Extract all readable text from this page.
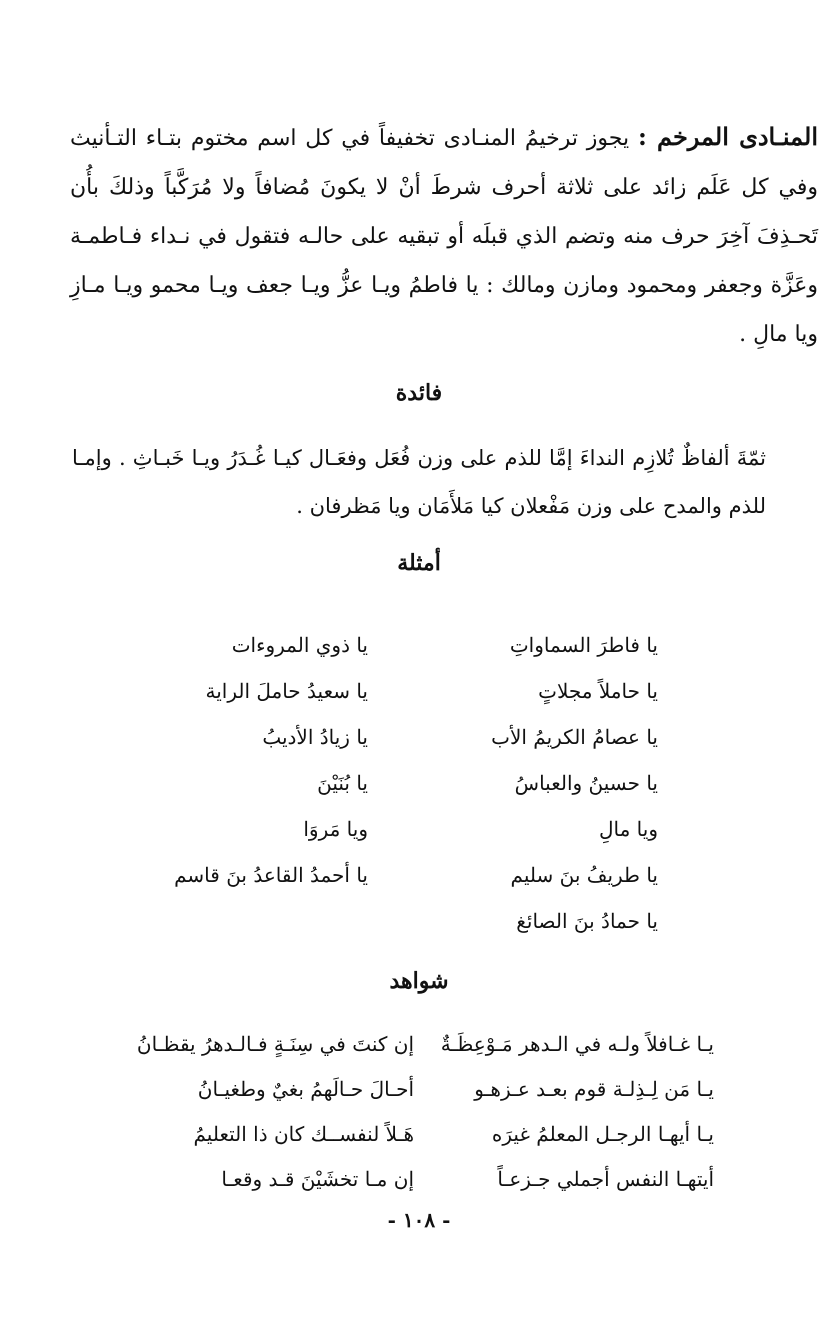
المنـادى المرخم : يجوز ترخيمُ المنـادى تخفيفاً في كل اسم مختوم بتـاء التـأنيث وفي كل عَلَم زائد على ثلاثة أحرف شرطَ أنْ لا يكونَ مُضافاً ولا مُرَكَّباً وذلكَ بأُن تَحـذِفَ آخِرَ حرف منه وتضم الذي قبلَه أو تبقيه على حالـه فتقول في نـداء فـاطمـة وعَزَّة وجعفر ومحمود ومازن ومالك : يا فاطمُ ويـا عزُّ ويـا جعف ويـا محمو ويـا مـازِ ويا مالِ .

فائدة

ثمّةَ ألفاظٌ تُلازِم النداءَ إمَّا للذم على وزن فُعَل وفعَـال كيـا غُـدَرُ ويـا خَبـاثِ . وإمـا للذم والمدح على وزن مَفْعلان كيا مَلأَمَان ويا مَظرفان .

أمثلة
يا فاطرَ السماواتِ
يا ذوي المروءات
يا حاملاً مجلاتٍ
يا سعيدُ حاملَ الراية
يا عصامُ الكريمُ الأب
يا زيادُ الأديبُ
يا حسينُ والعباسُ
يا بُنَيْنَ
ويا مالِ
ويا مَروَا
يا طريفُ بنَ سليم
يا أحمدُ القاعدُ بنَ قاسم
يا حمادُ بنَ الصائغ
شواهد
يـا غـافلاً ولـه في الـدهر مَـوْعِظَـةٌ
إن كنتَ في سِنَـةٍ فـالـدهرُ يقظـانُ
يـا مَن لِـذِلـة قوم بعـد عـزهـو
أحـالَ حـالَهمُ بغيٌ وطغيـانُ
يـا أيهـا الرجـل المعلمُ غيرَه
هَـلاً لنفســك كان ذا التعليمُ
أيتهـا النفس أجملي جـزعـاً
إن مـا تخشَيْنَ قـد وقعـا
- ١٠٨ -
